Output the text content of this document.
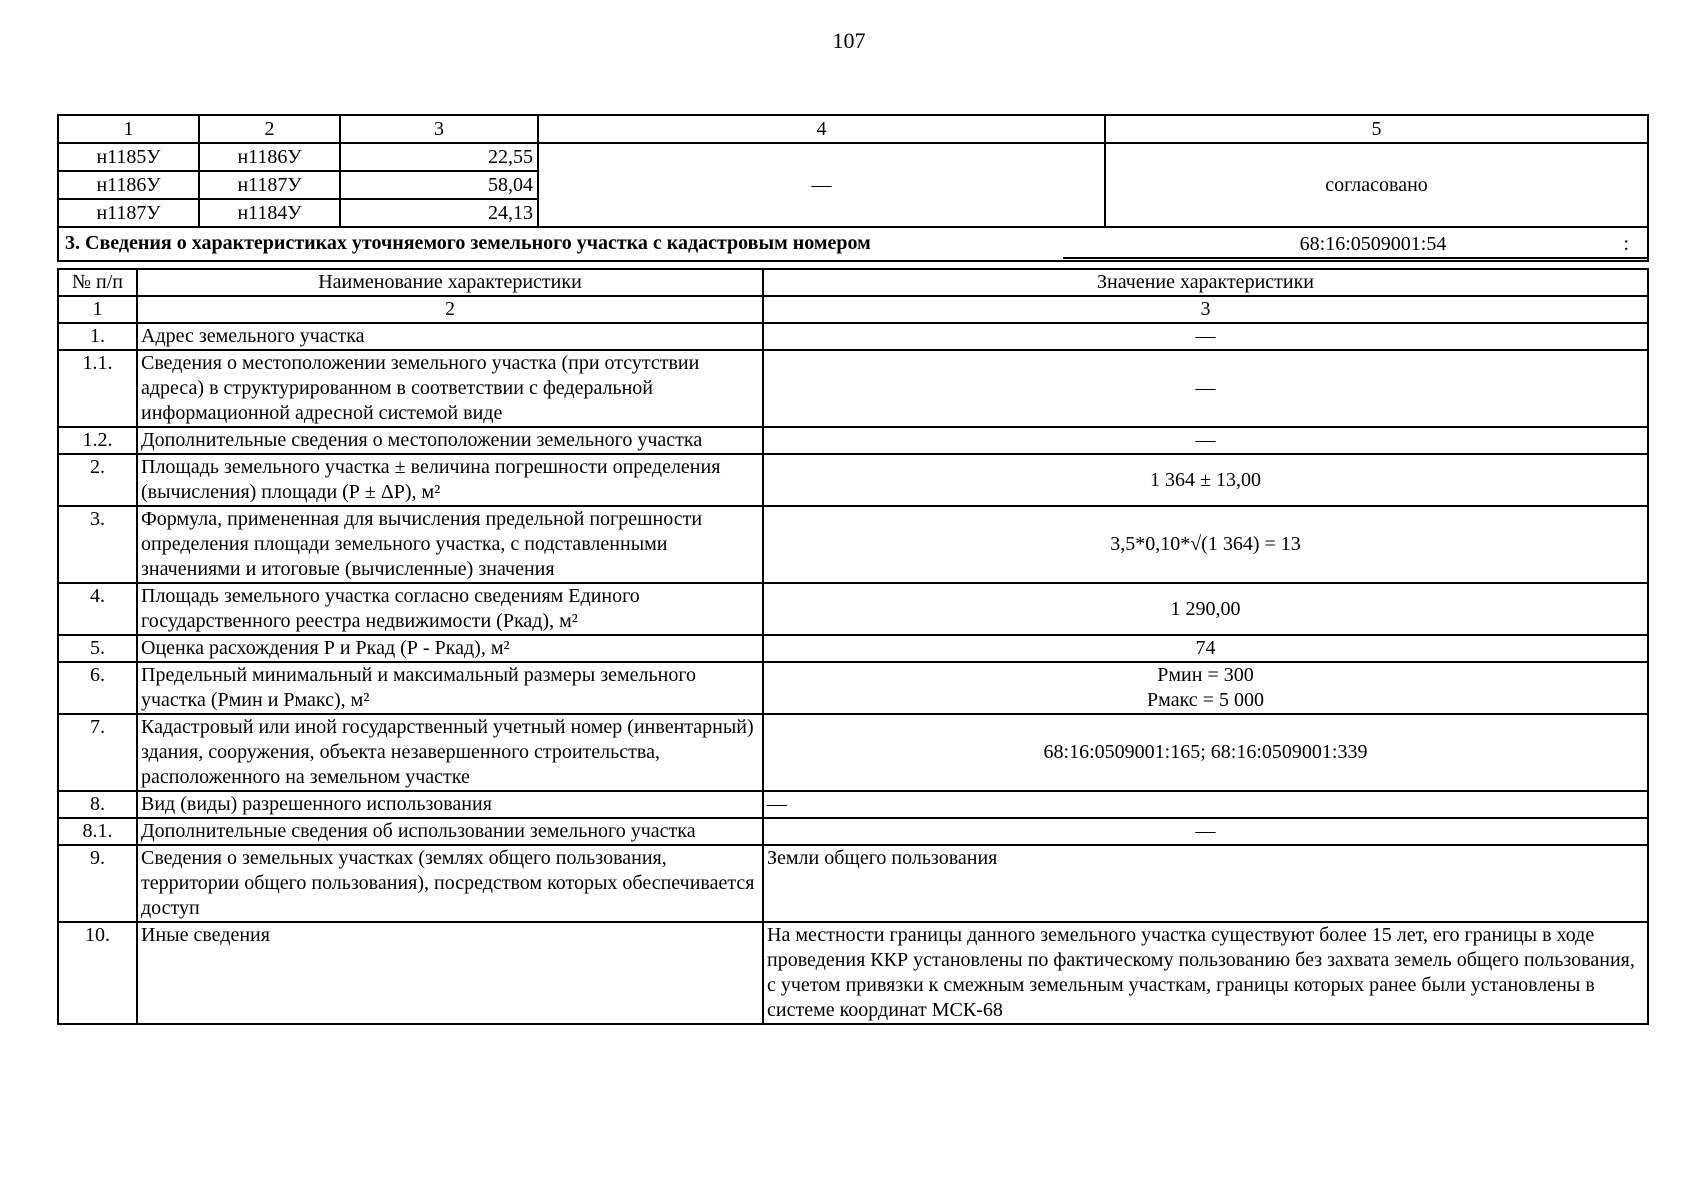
107
1	2	3	4	5
н1185У	н1186У	22,55	—	согласовано
н1186У	н1187У	58,04		
н1187У	н1184У	24,13		

3. Сведения о характеристиках уточняемого земельного участка с кадастровым номером 68:16:0509001:54 :				
№ п/п	Наименование характеристики	Значение характеристики
1	2	3
1.	Адрес земельного участка	—
1.1.	Сведения о местоположении земельного участка (при отсутствии адреса) в структурированном в соответствии с федеральной информационной адресной системой виде	—
1.2.	Дополнительные сведения о местоположении земельного участка	—
2.	Площадь земельного участка ± величина погрешности определения (вычисления) площади (Р ± ΔР), м²	1 364 ± 13,00
3.	Формула, примененная для вычисления предельной погрешности определения площади земельного участка, с подставленными значениями и итоговые (вычисленные) значения	3,5*0,10*√(1 364) = 13
4.	Площадь земельного участка согласно сведениям Единого государственного реестра недвижимости (Ркад), м²	1 290,00
5.	Оценка расхождения Р и Ркад (Р - Ркад), м²	74
6.	Предельный минимальный и максимальный размеры земельного участка (Рмин и Рмакс), м²	Рмин = 300
Рмакс = 5 000

7.	Кадастровый или иной государственный учетный номер (инвентарный) здания, сооружения, объекта незавершенного строительства, расположенного на земельном участке	68:16:0509001:165; 68:16:0509001:339
8.	Вид (виды) разрешенного использования	—
8.1.	Дополнительные сведения об использовании земельного участка	—
9.	Сведения о земельных участках (землях общего пользования, территории общего пользования), посредством которых обеспечивается доступ	Земли общего пользования
10.	Иные сведения	На местности границы данного земельного участка существуют более 15 лет, его границы в ходе проведения ККР установлены по фактическому пользованию без захвата земель общего пользования, с учетом привязки к смежным земельным участкам, границы которых ранее были установлены в системе координат МСК-68
